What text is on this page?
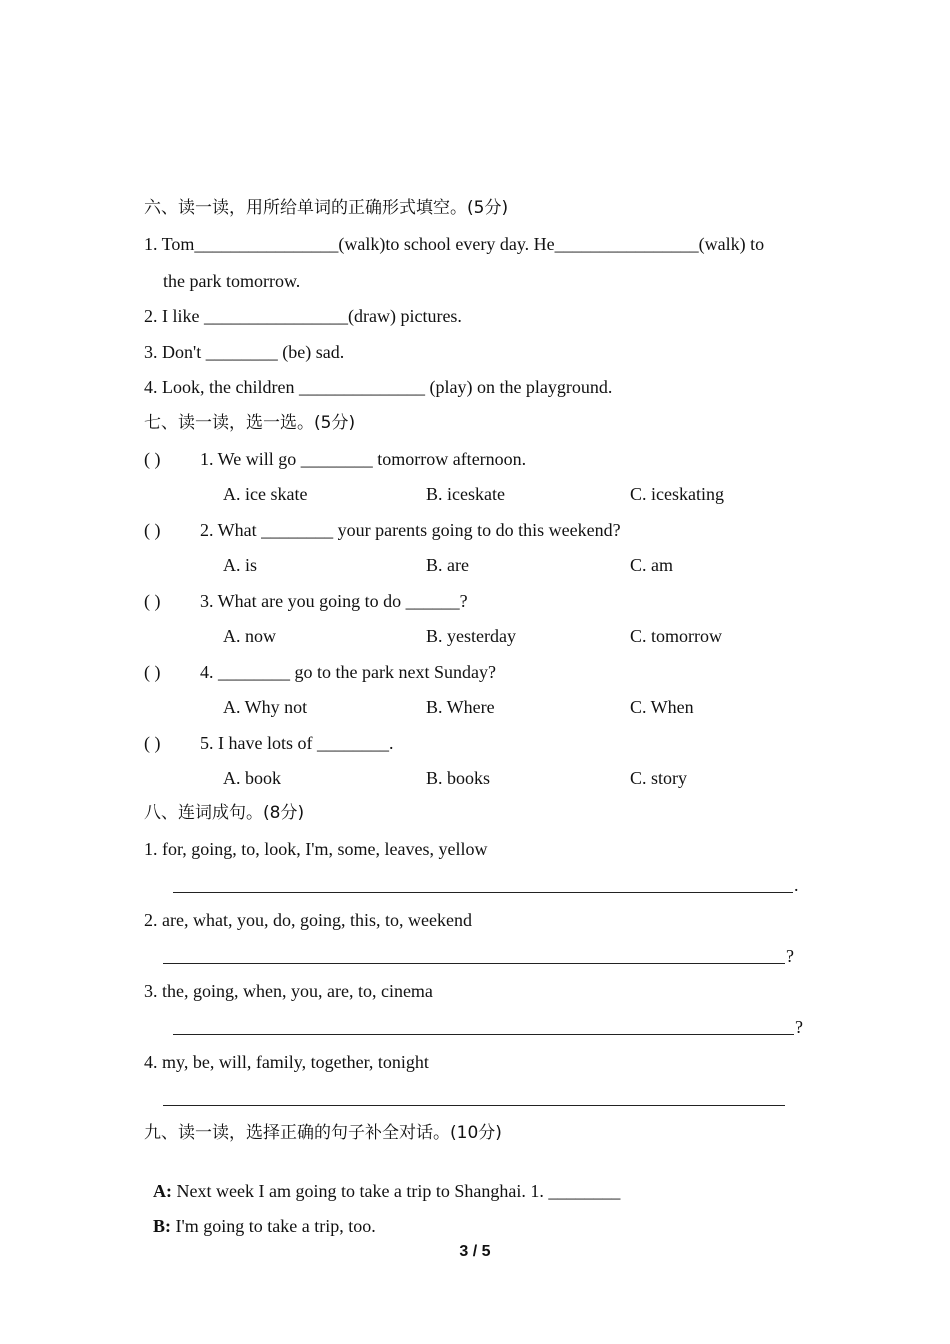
六、读一读，用所给单词的正确形式填空。(5分)
1. Tom________________(walk)to school every day. He________________(walk) to
the park tomorrow.
2. I like ________________(draw) pictures.
3. Don't ________ (be) sad.
4. Look, the children ______________ (play) on the playground.
七、读一读，选一选。(5分)
( ) 1. We will go ________ tomorrow afternoon.
A. ice skate	B. iceskate	C. iceskating
( ) 2. What ________ your parents going to do this weekend?
A. is	B. are	C. am
( ) 3. What are you going to do ______?
A. now	B. yesterday	C. tomorrow
( ) 4. ________ go to the park next Sunday?
A. Why not	B. Where	C. When
( ) 5. I have lots of ________.
A. book	B. books	C. story
八、连词成句。(8分)
1. for, going, to, look, I'm, some, leaves, yellow
.
2. are, what, you, do, going, this, to, weekend
?
3. the, going, when, you, are, to, cinema
?
4. my, be, will, family, together, tonight
九、读一读，选择正确的句子补全对话。(10分)

A: Next week I am going to take a trip to Shanghai. 1. ________

B: I'm going to take a trip, too.

3 / 5
